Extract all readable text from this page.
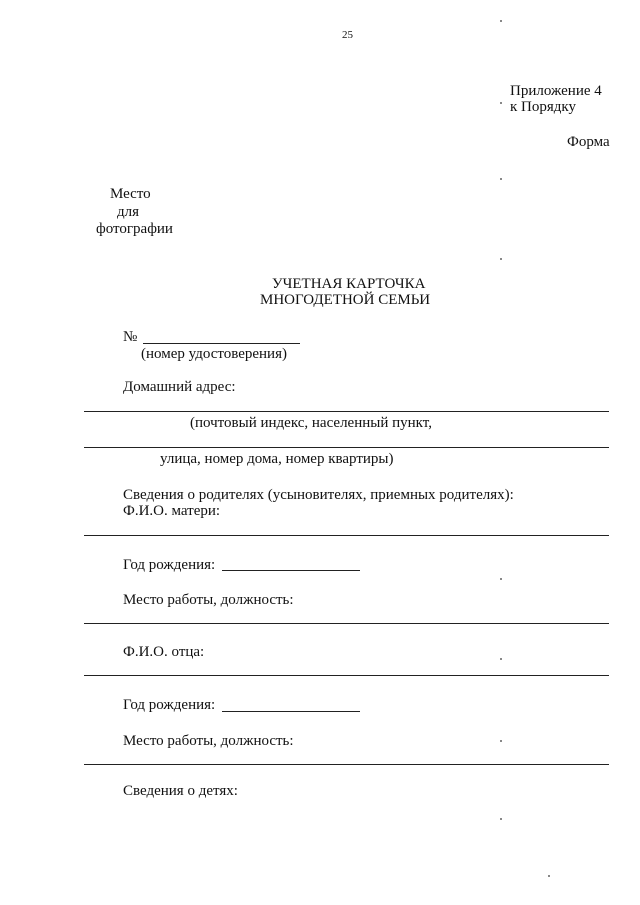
25
Приложение 4
к Порядку
Форма
Место
для
фотографии
УЧЕТНАЯ КАРТОЧКА
МНОГОДЕТНОЙ СЕМЬИ
№
(номер удостоверения)
Домашний адрес:
(почтовый индекс, населенный пункт,
улица, номер дома, номер квартиры)
Сведения о родителях (усыновителях, приемных родителях):
Ф.И.О. матери:
Год рождения:
Место работы, должность:
Ф.И.О. отца:
Год рождения:
Место работы, должность:
Сведения о детях:
